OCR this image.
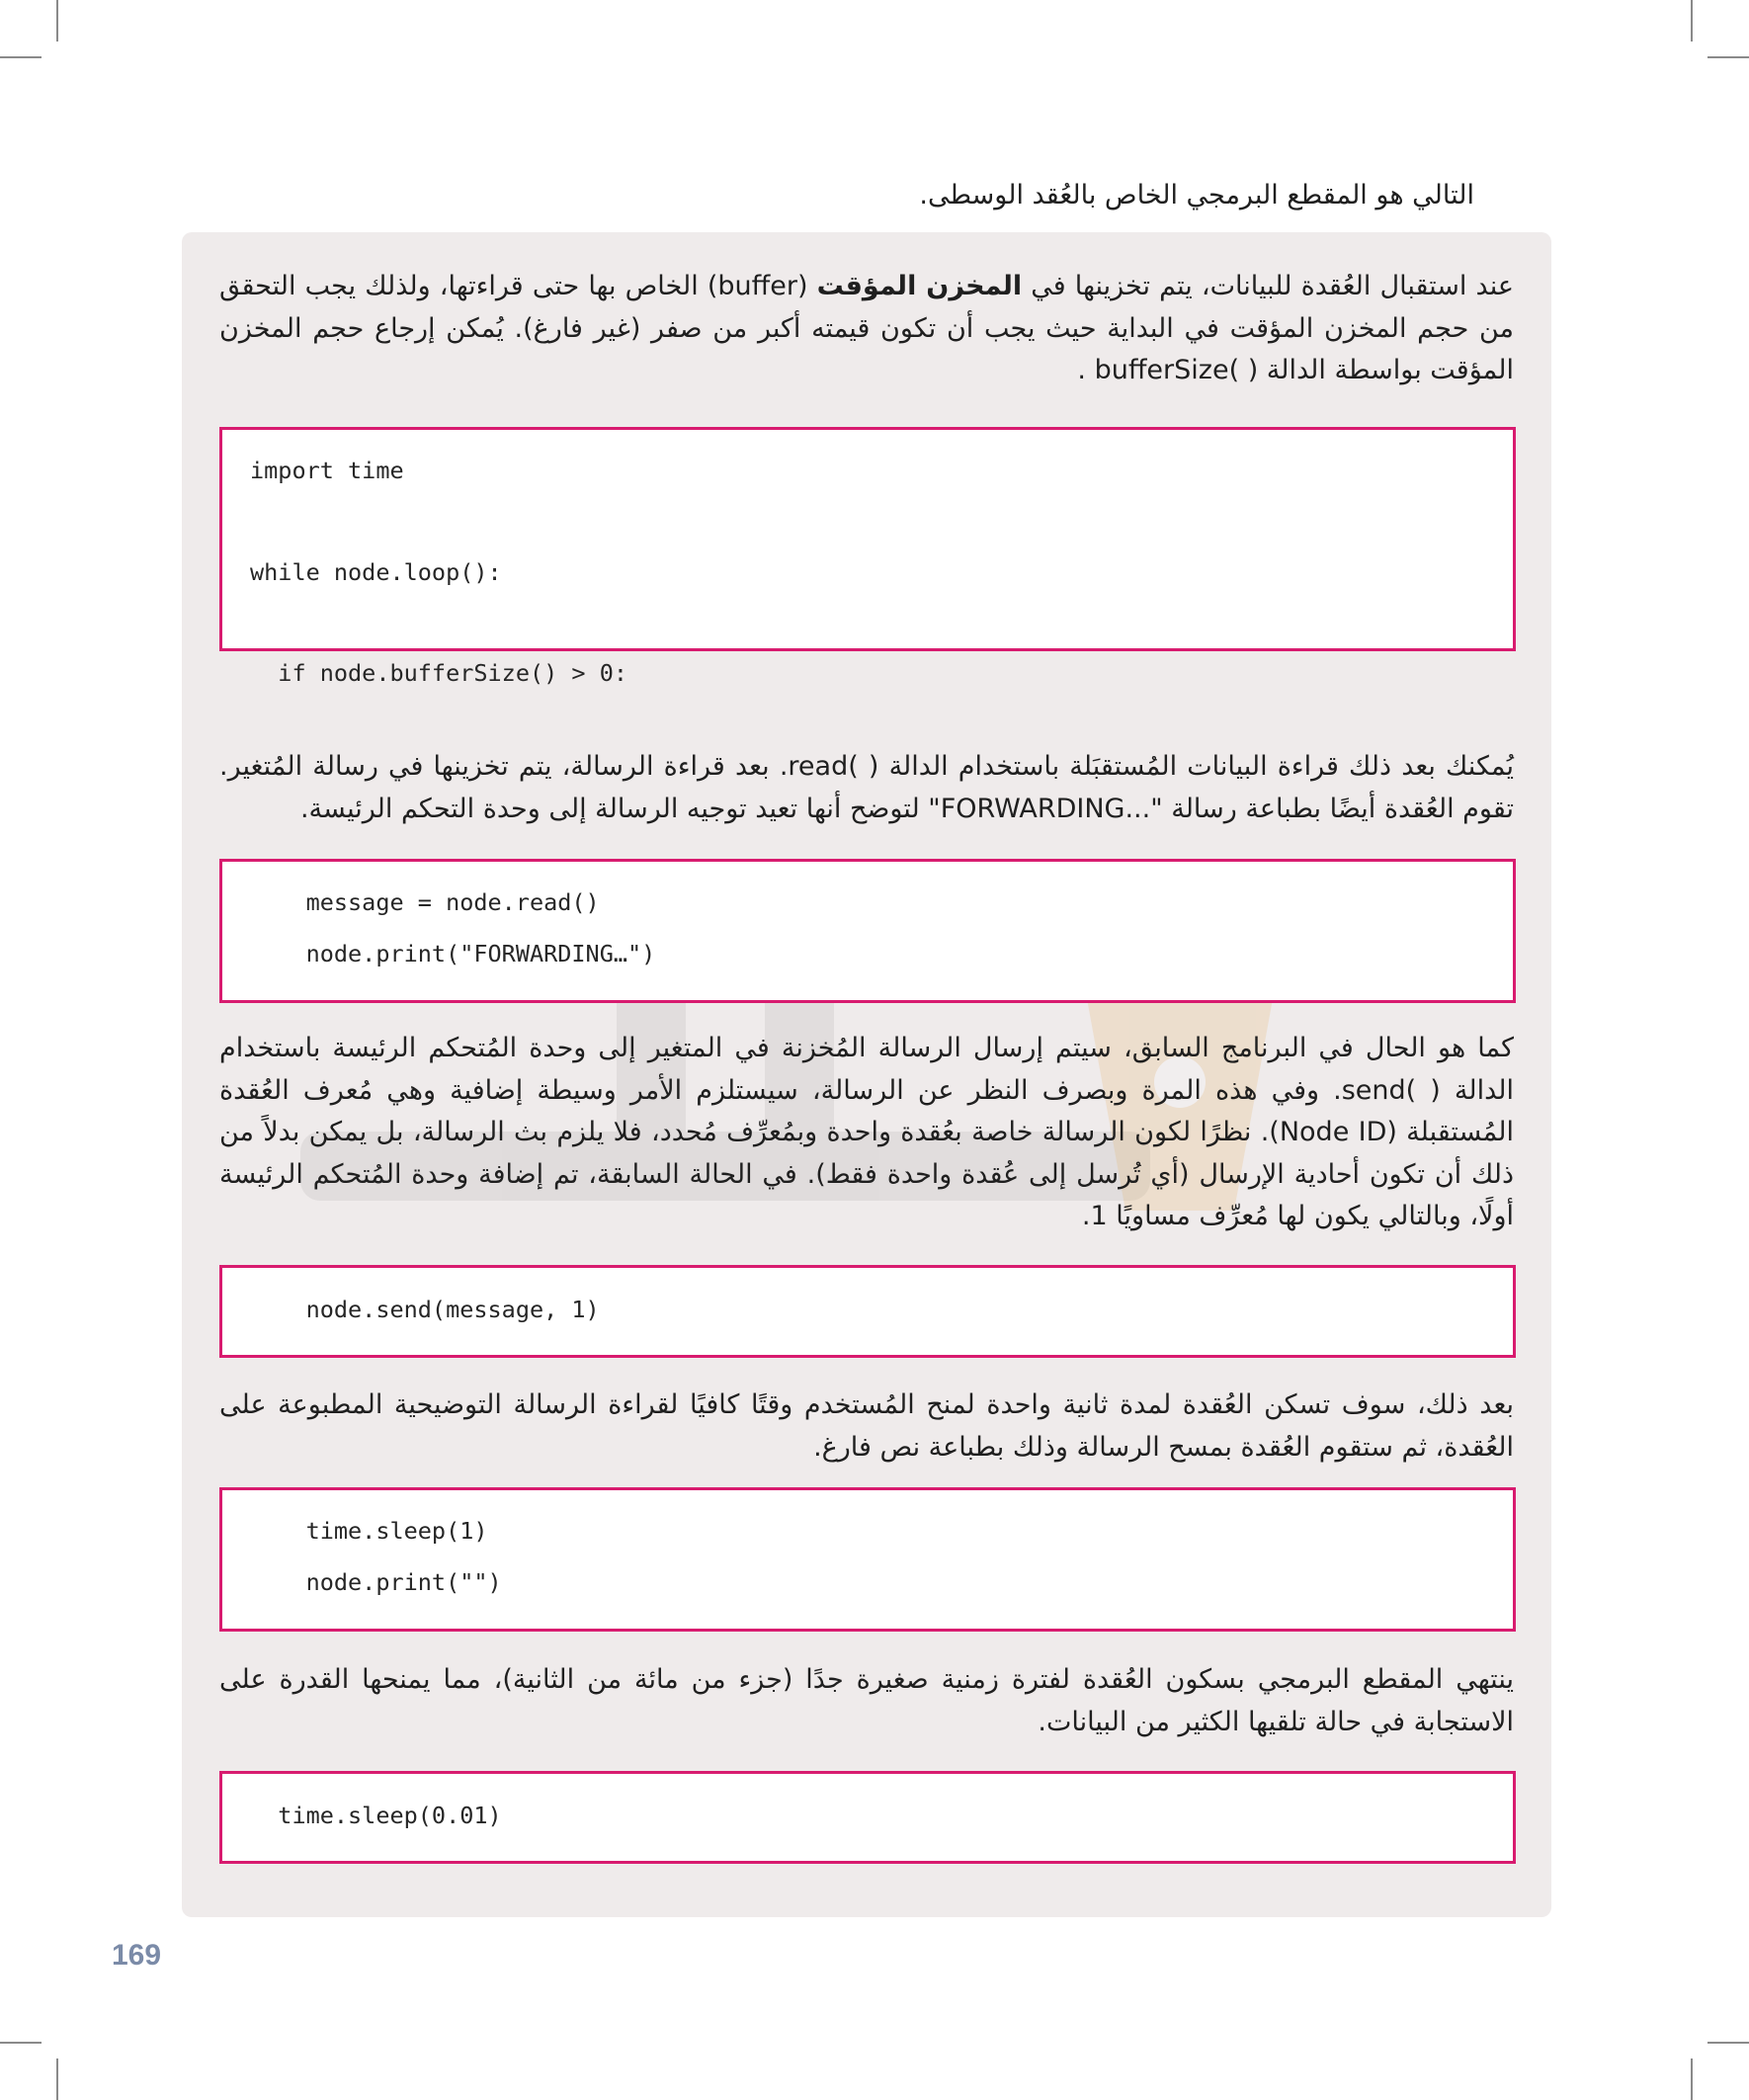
التالي هو المقطع البرمجي الخاص بالعُقد الوسطى.
عند استقبال العُقدة للبيانات، يتم تخزينها في المخزن المؤقت (buffer) الخاص بها حتى قراءتها، ولذلك يجب التحقق من حجم المخزن المؤقت في البداية حيث يجب أن تكون قيمته أكبر من صفر (غير فارغ). يُمكن إرجاع حجم المخزن المؤقت بواسطة الدالة ( )bufferSize .
import time
while node.loop():
if node.bufferSize() > 0:
يُمكنك بعد ذلك قراءة البيانات المُستقبَلة باستخدام الدالة ( )read. بعد قراءة الرسالة، يتم تخزينها في رسالة المُتغير. تقوم العُقدة أيضًا بطباعة رسالة "...FORWARDING" لتوضح أنها تعيد توجيه الرسالة إلى وحدة التحكم الرئيسة.
message = node.read()
node.print("FORWARDING…")
كما هو الحال في البرنامج السابق، سيتم إرسال الرسالة المُخزنة في المتغير إلى وحدة المُتحكم الرئيسة باستخدام الدالة ( )send. وفي هذه المرة وبصرف النظر عن الرسالة، سيستلزم الأمر وسيطة إضافية وهي مُعرف العُقدة المُستقبلة (Node ID). نظرًا لكون الرسالة خاصة بعُقدة واحدة وبمُعرِّف مُحدد، فلا يلزم بث الرسالة، بل يمكن بدلاً من ذلك أن تكون أحادية الإرسال (أي تُرسل إلى عُقدة واحدة فقط). في الحالة السابقة، تم إضافة وحدة المُتحكم الرئيسة أولًا، وبالتالي يكون لها مُعرِّف مساويًا 1.
node.send(message, 1)
بعد ذلك، سوف تسكن العُقدة لمدة ثانية واحدة لمنح المُستخدم وقتًا كافيًا لقراءة الرسالة التوضيحية المطبوعة على العُقدة، ثم ستقوم العُقدة بمسح الرسالة وذلك بطباعة نص فارغ.
time.sleep(1)
node.print("")
ينتهي المقطع البرمجي بسكون العُقدة لفترة زمنية صغيرة جدًا (جزء من مائة من الثانية)، مما يمنحها القدرة على الاستجابة في حالة تلقيها الكثير من البيانات.
time.sleep(0.01)
169
